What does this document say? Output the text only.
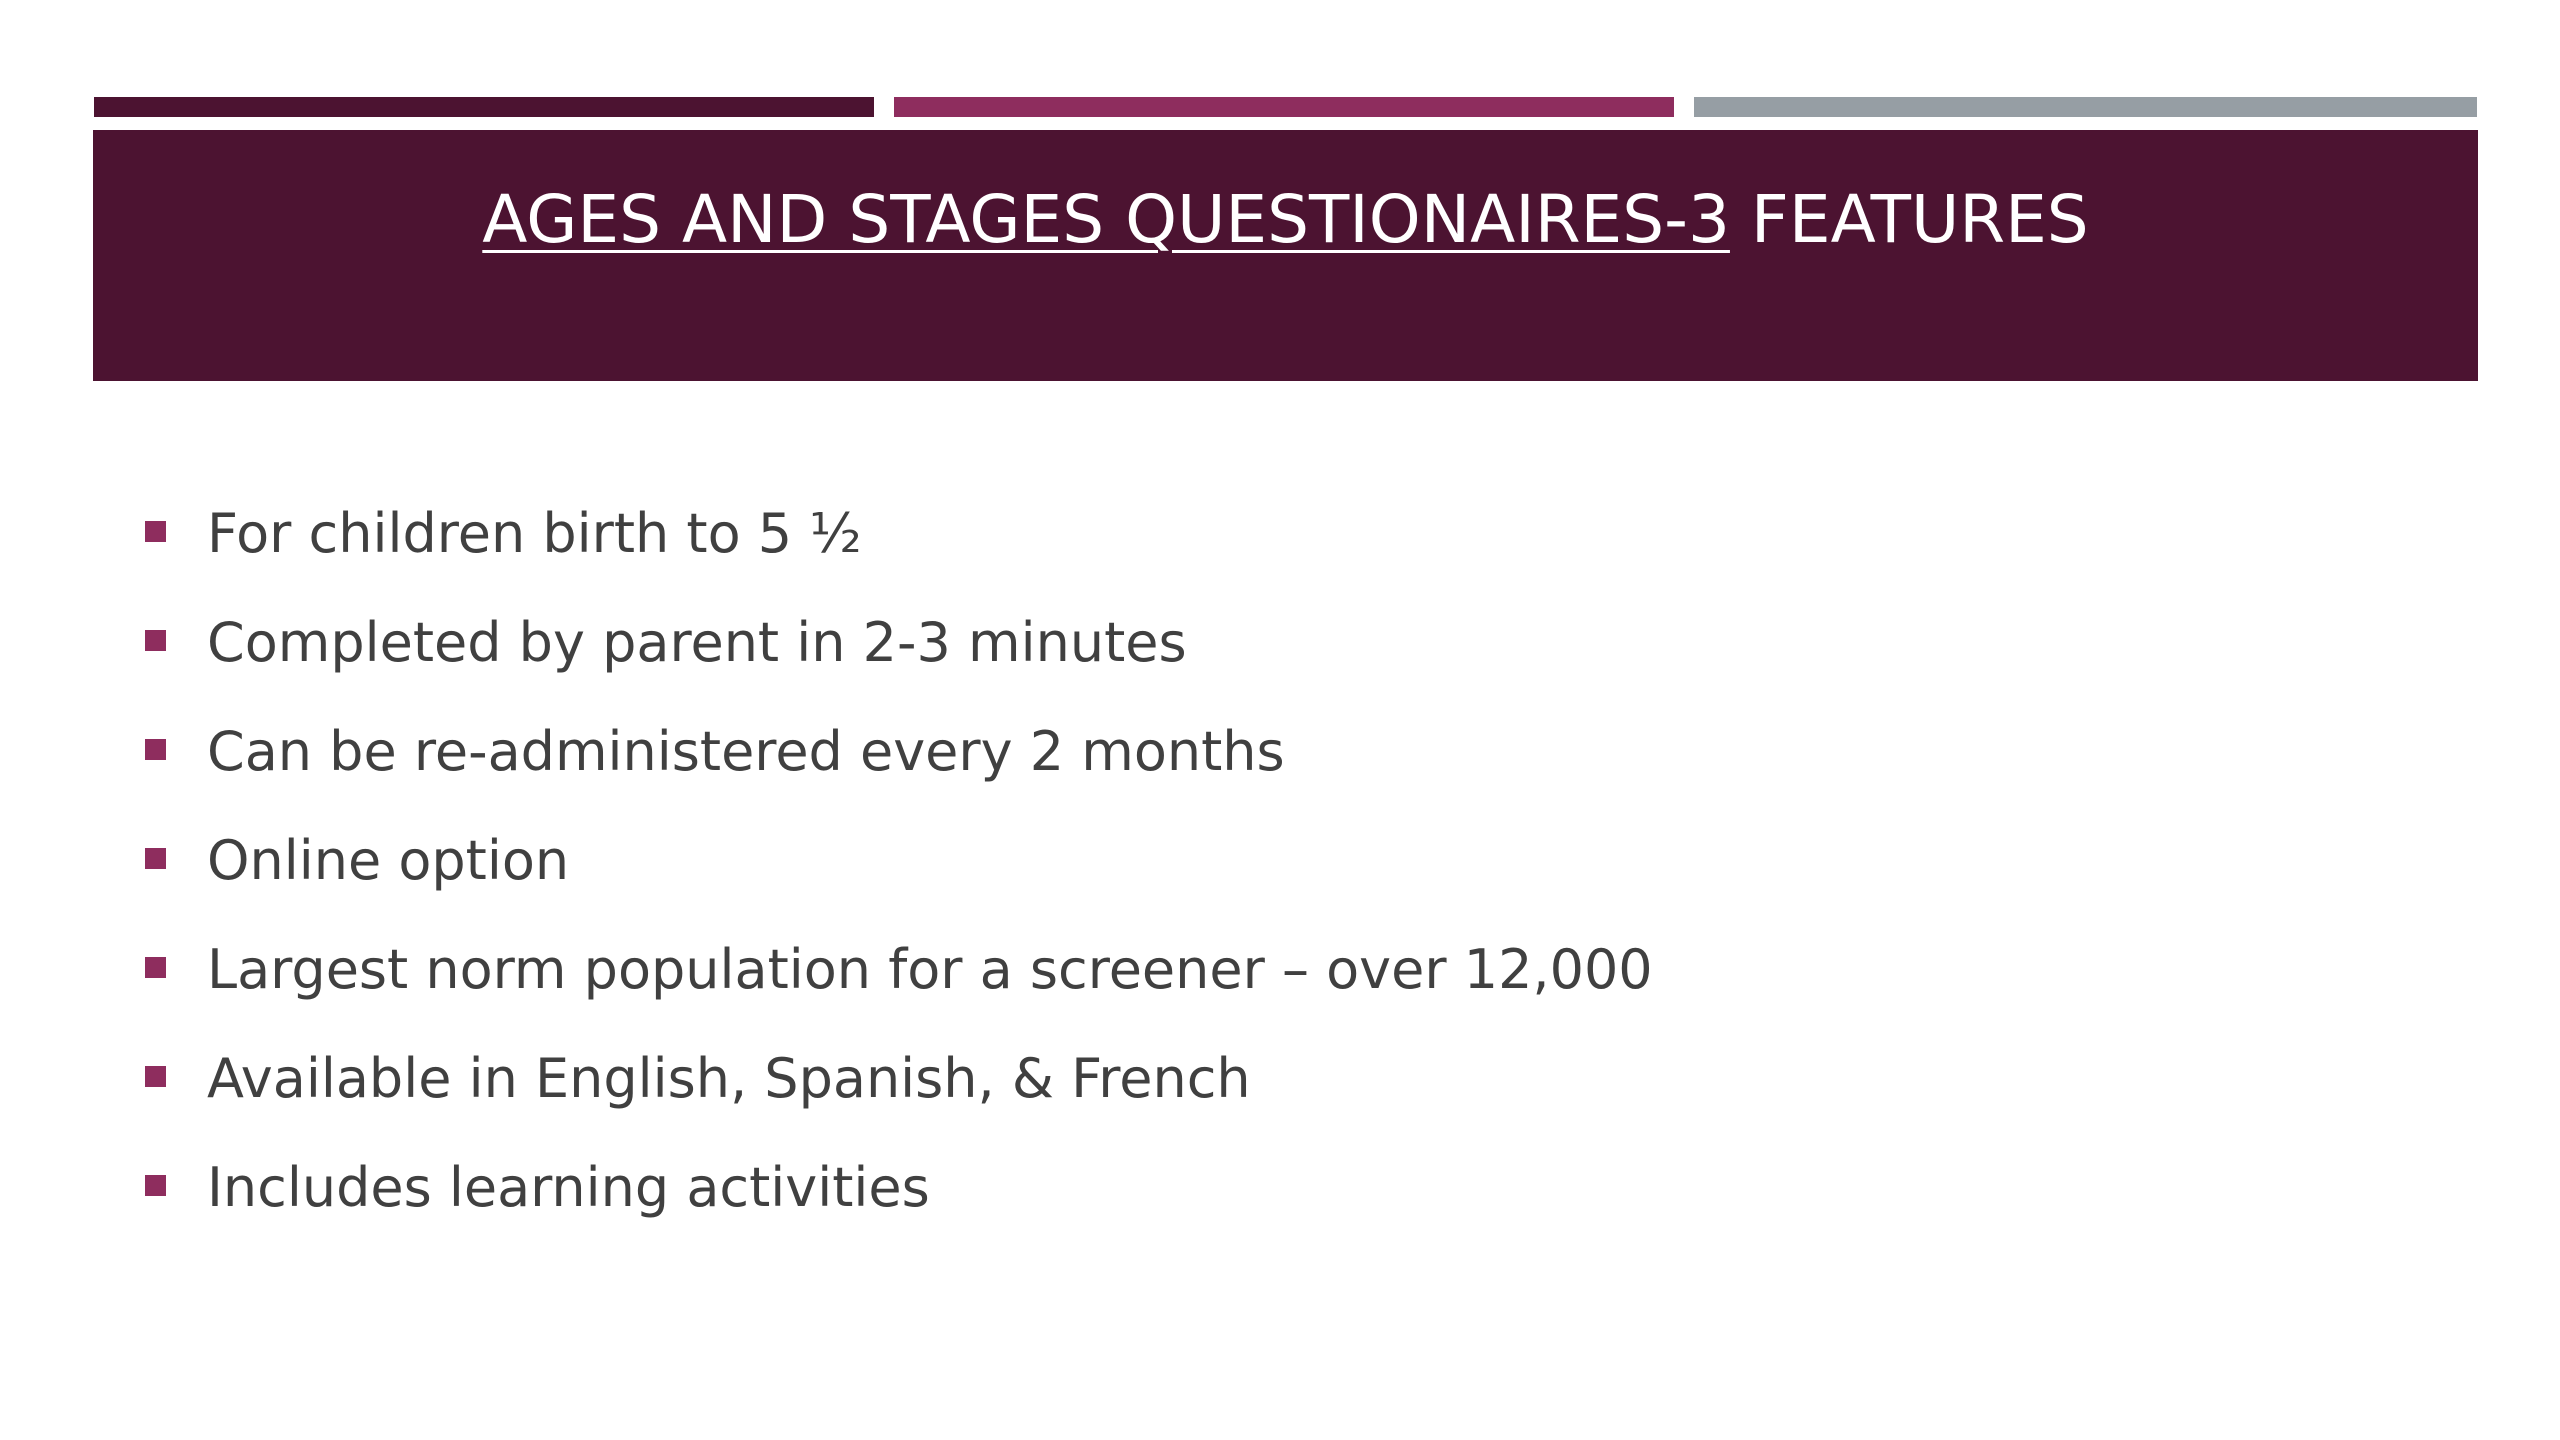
AGES AND STAGES QUESTIONAIRES-3 FEATURES
For children birth to 5 ½
Completed by parent in 2-3 minutes
Can be re-administered every 2 months
Online option
Largest norm population for a screener – over 12,000
Available in English, Spanish, & French
Includes learning activities
